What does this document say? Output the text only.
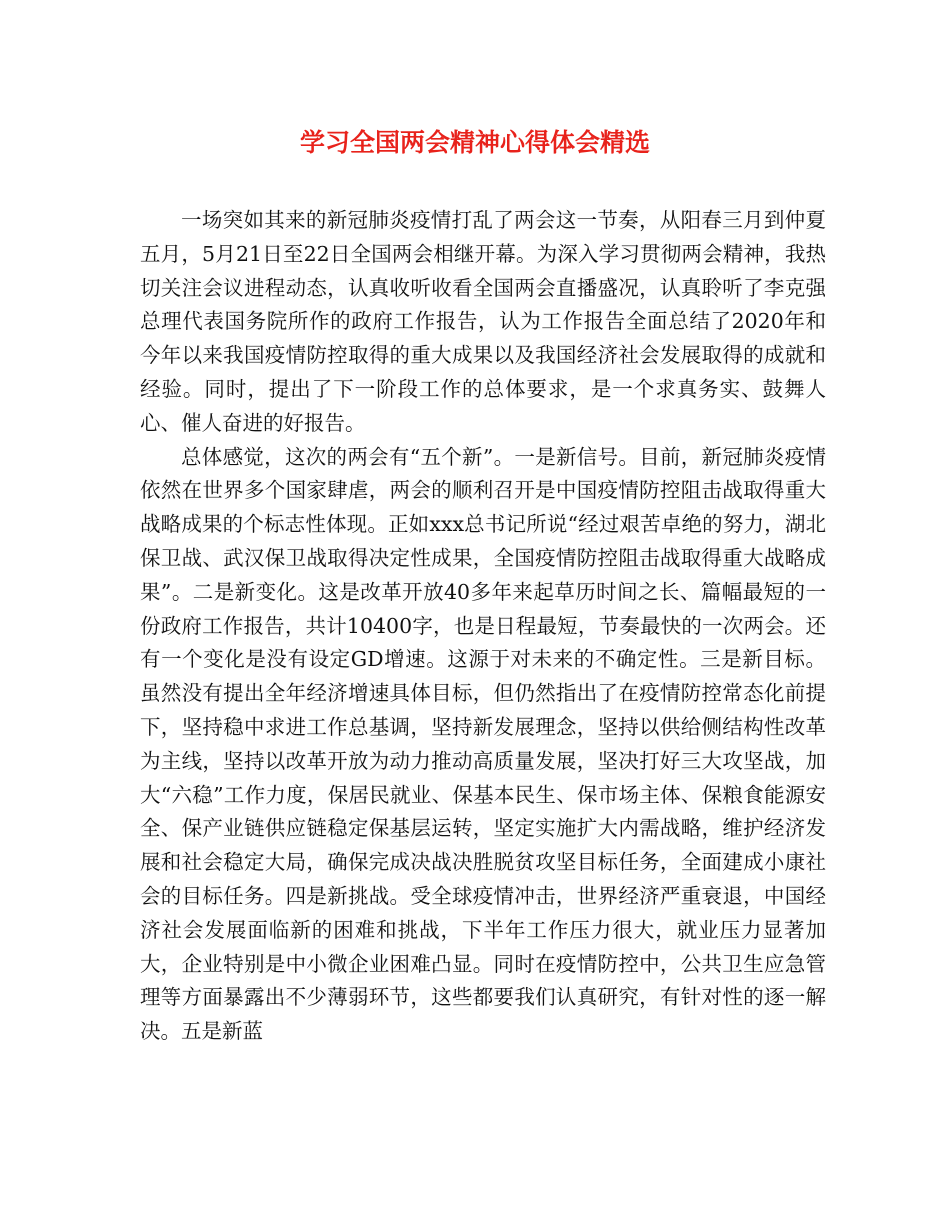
学习全国两会精神心得体会精选

一场突如其来的新冠肺炎疫情打乱了两会这一节奏，从阳春三月到仲夏五月，5月21日至22日全国两会相继开幕。为深入学习贯彻两会精神，我热切关注会议进程动态，认真收听收看全国两会直播盛况，认真聆听了李克强总理代表国务院所作的政府工作报告，认为工作报告全面总结了2020年和今年以来我国疫情防控取得的重大成果以及我国经济社会发展取得的成就和经验。同时，提出了下一阶段工作的总体要求，是一个求真务实、鼓舞人心、催人奋进的好报告。

总体感觉，这次的两会有“五个新”。一是新信号。目前，新冠肺炎疫情依然在世界多个国家肆虐，两会的顺利召开是中国疫情防控阻击战取得重大战略成果的个标志性体现。正如xxx总书记所说“经过艰苦卓绝的努力，湖北保卫战、武汉保卫战取得决定性成果，全国疫情防控阻击战取得重大战略成果”。二是新变化。这是改革开放40多年来起草历时间之长、篇幅最短的一份政府工作报告，共计10400字，也是日程最短，节奏最快的一次两会。还有一个变化是没有设定GD增速。这源于对未来的不确定性。三是新目标。虽然没有提出全年经济增速具体目标，但仍然指出了在疫情防控常态化前提下，坚持稳中求进工作总基调，坚持新发展理念，坚持以供给侧结构性改革为主线，坚持以改革开放为动力推动高质量发展，坚决打好三大攻坚战，加大“六稳”工作力度，保居民就业、保基本民生、保市场主体、保粮食能源安全、保产业链供应链稳定保基层运转，坚定实施扩大内需战略，维护经济发展和社会稳定大局，确保完成决战决胜脱贫攻坚目标任务，全面建成小康社会的目标任务。四是新挑战。受全球疫情冲击，世界经济严重衰退，中国经济社会发展面临新的困难和挑战，下半年工作压力很大，就业压力显著加大，企业特别是中小微企业困难凸显。同时在疫情防控中，公共卫生应急管理等方面暴露出不少薄弱环节，这些都要我们认真研究，有针对性的逐一解决。五是新蓝
